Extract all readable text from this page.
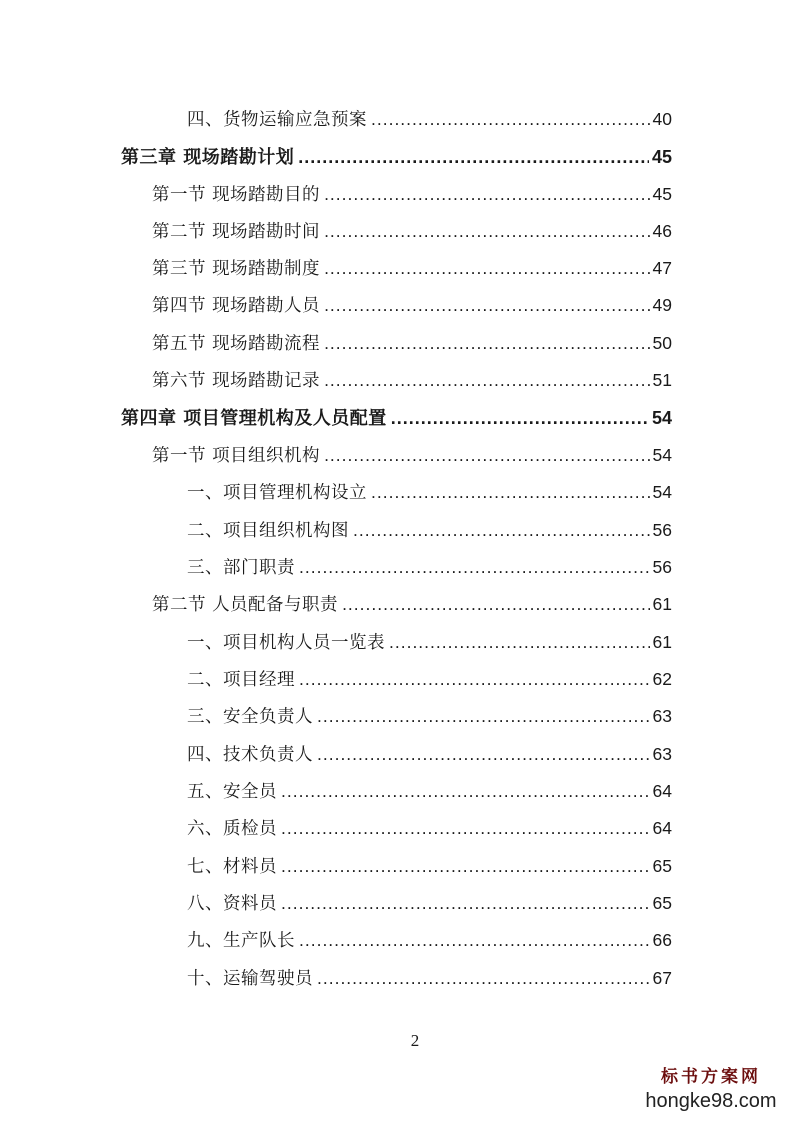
四、货物运输应急预案 .....	40
第三章 现场踏勘计划 .....	45
第一节 现场踏勘目的 .....	45
第二节 现场踏勘时间 .....	46
第三节 现场踏勘制度 .....	47
第四节 现场踏勘人员 .....	49
第五节 现场踏勘流程 .....	50
第六节 现场踏勘记录 .....	51
第四章 项目管理机构及人员配置 .....	54
第一节 项目组织机构 .....	54
一、项目管理机构设立 .....	54
二、项目组织机构图 .....	56
三、部门职责 .....	56
第二节 人员配备与职责 .....	61
一、项目机构人员一览表 .....	61
二、项目经理 .....	62
三、安全负责人 .....	63
四、技术负责人 .....	63
五、安全员 .....	64
六、质检员 .....	64
七、材料员 .....	65
八、资料员 .....	65
九、生产队长 .....	66
十、运输驾驶员 .....	67
2
标书方案网
hongke98.com
